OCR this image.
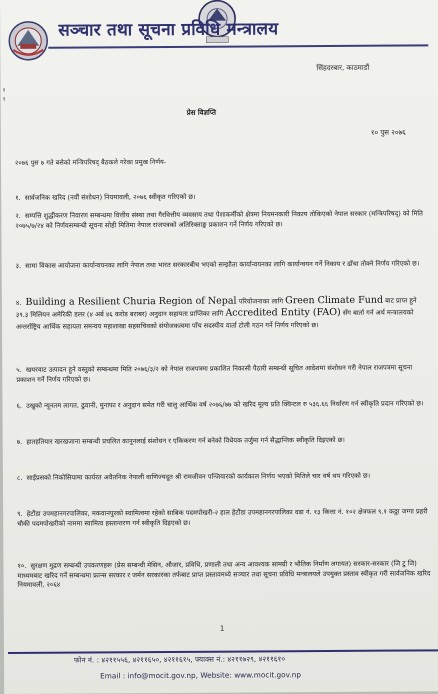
सञ्चार तथा सूचना प्रविधि मन्त्रालय
सिंहदरबार, काठमाडौं
१
१
प्रेस विज्ञप्ति
१० पुस २०७६
२०७६ पुस ७ गते बसेको मन्त्रिपरिषद् बैठकले गरेका प्रमुख निर्णय-
१. सार्वजनिक खरिद (नवौं संशोधन) नियमावली, २०७६ स्वीकृत गरिएको छ।
२. सम्पत्ति शुद्धीकरण निवारण सम्बन्धमा वित्तीय संस्था तथा गैरवित्तीय व्यवसाय तथा पेशाकर्मीको क्षेत्रमा नियमनकारी निकाय तोकिएको नेपाल सरकार (मन्त्रिपरिषद्) को मिति २०७५/७/२४ को निर्णयसम्बन्धी सूचना सोही मितिमा नेपाल राजपत्रको अतिरिक्ताङ्क प्रकाशन गर्ने निर्णय गरिएको छ।
३. सामा विकास आयोजना कार्यान्वयनका लागि नेपाल तथा भारत सरकारबीच भएको सम्झौता कार्यान्वयनका लागि कार्यान्वयन गर्ने निकाय र ढाँचा तोक्ने निर्णय गरिएको छ।
४. Building a Resilient Churia Region of Nepal परियोजनाका लागि Green Climate Fund बाट प्राप्त हुने ३९.३ मिलियन अमेरिकी डलर (४ अर्ब ४६ करोड बराबर) अनुदान सहायता प्राप्तिका लागि Accredited Entity (FAO) सँग बार्ता गर्न अर्थ मन्त्रालयको अन्तर्राष्ट्रिय आर्थिक सहायता समन्वय महाशाखा सहसचिवको संयोजकत्वमा पाँच सदस्यीय वार्ता टोली गठन गर्ने निर्णय गरिएको छ।
५. खयरवाट उत्पादन हुने वस्तुको सम्बन्धमा मिति २०७६/३/२ को नेपाल राजपत्रमा प्रकाशित निकासी पैठारी सम्बन्धी सूचित आदेशमा संशोधन गरी नेपाल राजपत्रमा सूचना प्रकाशन गर्ने निर्णय गरिएको छ।
६. उखुको न्यूनतम लागत, ढुवानी, मुनाफा र अनुदान समेत गरी चालु आर्थिक वर्ष २०७६/७७ को खरिद मूल्य प्रति क्विन्टल रु ५३६.६६ निर्धारण गर्न स्वीकृति प्रदान गरिएको छ।
७. हातहतियार खरखजाना सम्बन्धी प्रचलित कानूनलाई संशोधन र एकिकरण गर्न बनेको विधेयक तर्जुमा गर्न सैद्धान्तिक स्वीकृति दिइएको छ।
८. साईप्रसको निकोसियामा कार्यरत अवैतनिक नेपाली वाणिज्यदूत श्री रामजीवन पन्जियारको कार्यकाल निर्णय भएको मितिले चार वर्ष थप गरिएको छ।
९. हेटौंडा उपमहानगरपालिका, मकवानपुरको स्वामित्वमा रहेको साबिक पदमपोखरी-२ हाल हेटौंडा उपमहानगरपालिका वडा नं. १३ कित्ता नं. १०२ क्षेत्रफल ९.१ कठ्ठा जग्गा प्रहरी चौकी पदमपोखरीको नाममा स्वामित्व हस्तान्तरण गर्न स्वीकृति दिइएको छ।
१०. सुरक्षण मुद्रण सम्बन्धी उपकरणहरू (प्रेस सम्बन्धी मेसिन, औजार, प्रविधि, प्रणाली तथा अन्य आवश्यक सामग्री र भौतिक निर्माण लगायत) सरकार-सरकार (जि टु जि) माध्यमबाट खरिद गर्ने सम्बन्धमा फ्रान्स सरकार र जर्मन सरकारका तर्फबाट प्राप्त प्रस्तावमध्ये सञ्चार तथा सूचना प्रविधि मन्त्रालयले उपयुक्त प्रस्ताव स्वीकृत गरी सार्वजनिक खरिद नियमावली, २०६४
1
फोन नं. : ४२११५५६, ४२११६५०, ४२११६१५, फ्याक्स नं.: ४२११७२९, ४२११६१०
Email : info@mocit.gov.np, Website: www.mocit.gov.np
